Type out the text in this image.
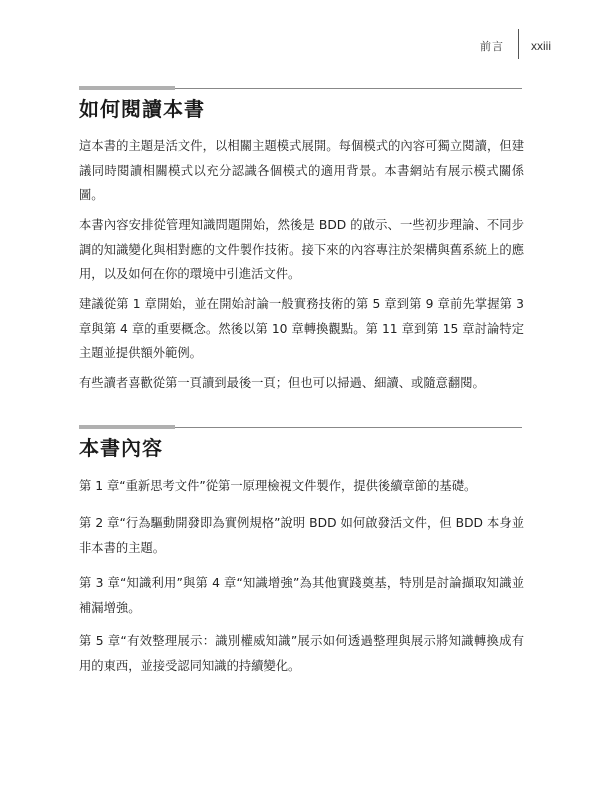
前言 xxiii
如何閱讀本書

這本書的主題是活文件，以相關主題模式展開。每個模式的內容可獨立閱讀，但建議同時閱讀相關模式以充分認識各個模式的適用背景。本書網站有展示模式關係圖。

本書內容安排從管理知識問題開始，然後是 BDD 的啟示、一些初步理論、不同步調的知識變化與相對應的文件製作技術。接下來的內容專注於架構與舊系統上的應用，以及如何在你的環境中引進活文件。

建議從第 1 章開始，並在開始討論一般實務技術的第 5 章到第 9 章前先掌握第 3 章與第 4 章的重要概念。然後以第 10 章轉換觀點。第 11 章到第 15 章討論特定主題並提供額外範例。

有些讀者喜歡從第一頁讀到最後一頁；但也可以掃過、細讀、或隨意翻閱。

本書內容

第 1 章“重新思考文件”從第一原理檢視文件製作，提供後續章節的基礎。

第 2 章“行為驅動開發即為實例規格”說明 BDD 如何啟發活文件，但 BDD 本身並非本書的主題。

第 3 章“知識利用”與第 4 章“知識增強”為其他實踐奠基，特別是討論擷取知識並補漏增強。

第 5 章“有效整理展示：識別權威知識”展示如何透過整理與展示將知識轉換成有用的東西，並接受認同知識的持續變化。
